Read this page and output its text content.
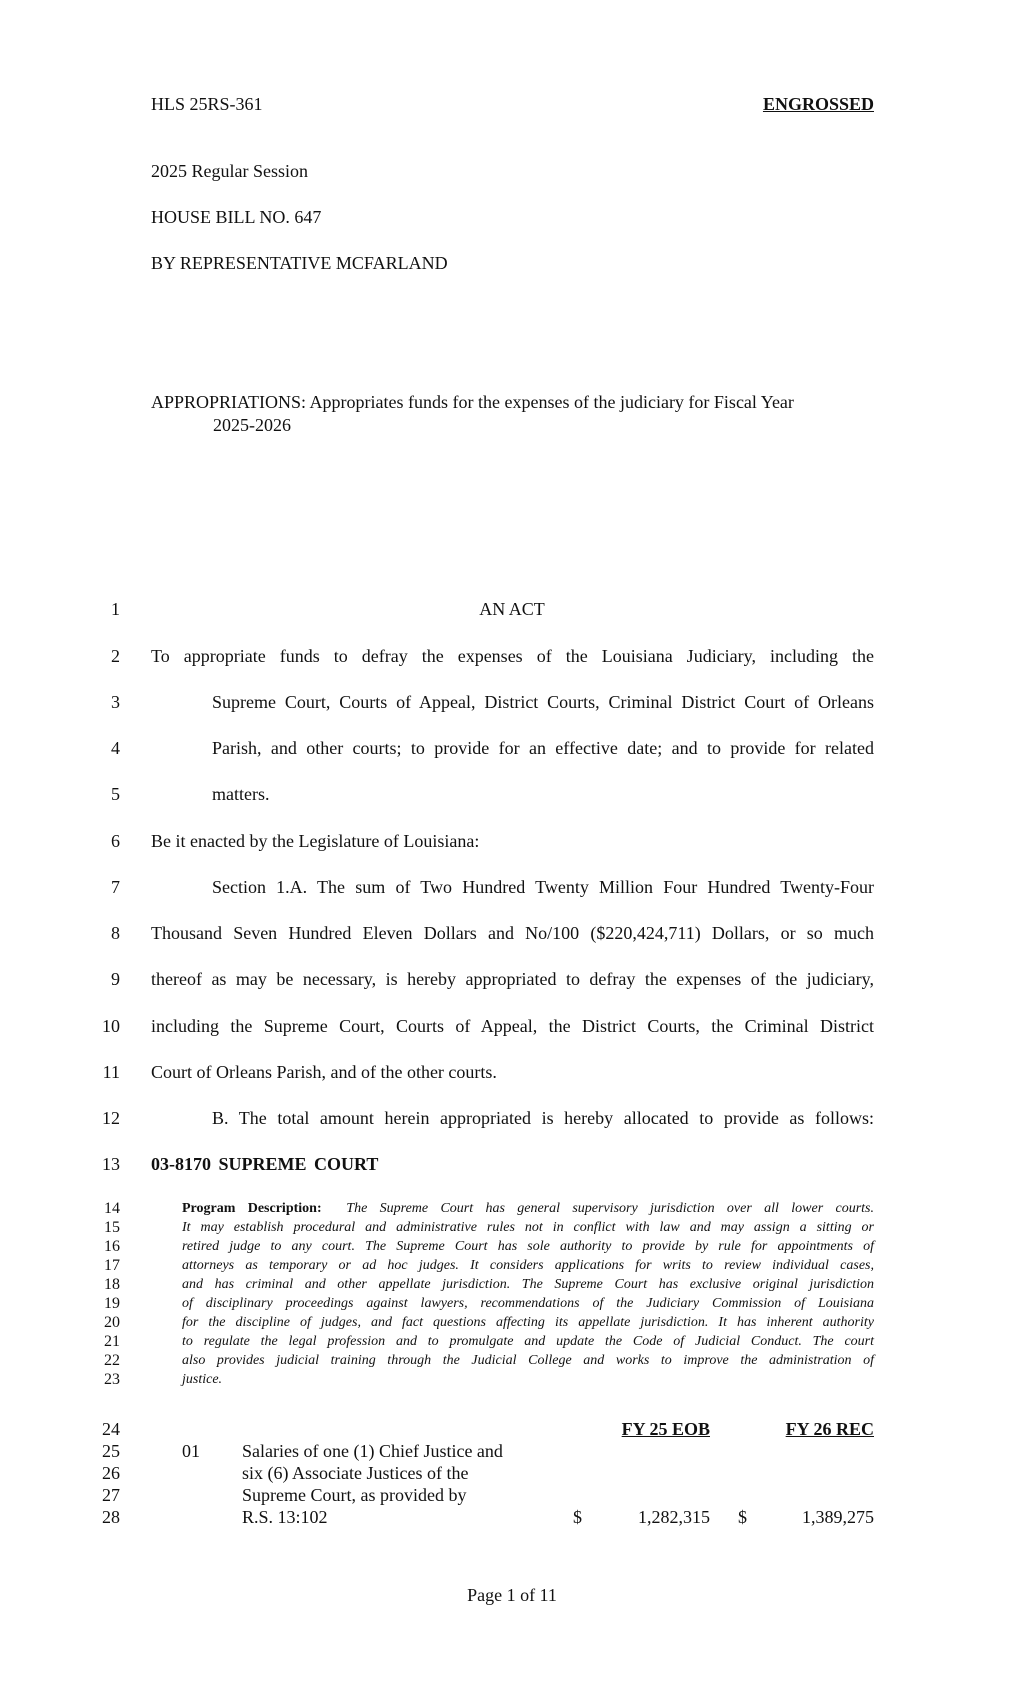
HLS 25RS-361	ENGROSSED
2025 Regular Session
HOUSE BILL NO. 647
BY REPRESENTATIVE MCFARLAND
APPROPRIATIONS: Appropriates funds for the expenses of the judiciary for Fiscal Year
2025-2026
1	AN ACT
2 To appropriate funds to defray the expenses of the Louisiana Judiciary, including the
3	Supreme Court, Courts of Appeal, District Courts, Criminal District Court of Orleans
4	Parish, and other courts; to provide for an effective date; and to provide for related
5	matters.
6 Be it enacted by the Legislature of Louisiana:
7	Section 1.A. The sum of Two Hundred Twenty Million Four Hundred Twenty-Four
8 Thousand Seven Hundred Eleven Dollars and No/100 ($220,424,711) Dollars, or so much
9 thereof as may be necessary, is hereby appropriated to defray the expenses of the judiciary,
10 including the Supreme Court, Courts of Appeal, the District Courts, the Criminal District
11 Court of Orleans Parish, and of the other courts.
12	B. The total amount herein appropriated is hereby allocated to provide as follows:
13 03-8170 SUPREME COURT
14
15
16
17
18
19
20
21
22
23
Program Description: The Supreme Court has general supervisory jurisdiction over all lower courts.
It may establish procedural and administrative rules not in conflict with law and may assign a sitting or
retired judge to any court. The Supreme Court has sole authority to provide by rule for appointments of
attorneys as temporary or ad hoc judges. It considers applications for writs to review individual cases,
and has criminal and other appellate jurisdiction. The Supreme Court has exclusive original jurisdiction
of disciplinary proceedings against lawyers, recommendations of the Judiciary Commission of Louisiana
for the discipline of judges, and fact questions affecting its appellate jurisdiction. It has inherent authority
to regulate the legal profession and to promulgate and update the Code of Judicial Conduct. The court
also provides judicial training through the Judicial College and works to improve the administration of
justice.
24
25
26
27
28
FY 25 EOB	FY 26 REC
01 Salaries of one (1) Chief Justice and
six (6) Associate Justices of the
Supreme Court, as provided by
R.S. 13:102	$	1,282,315 $	1,389,275
Page 1 of 11
